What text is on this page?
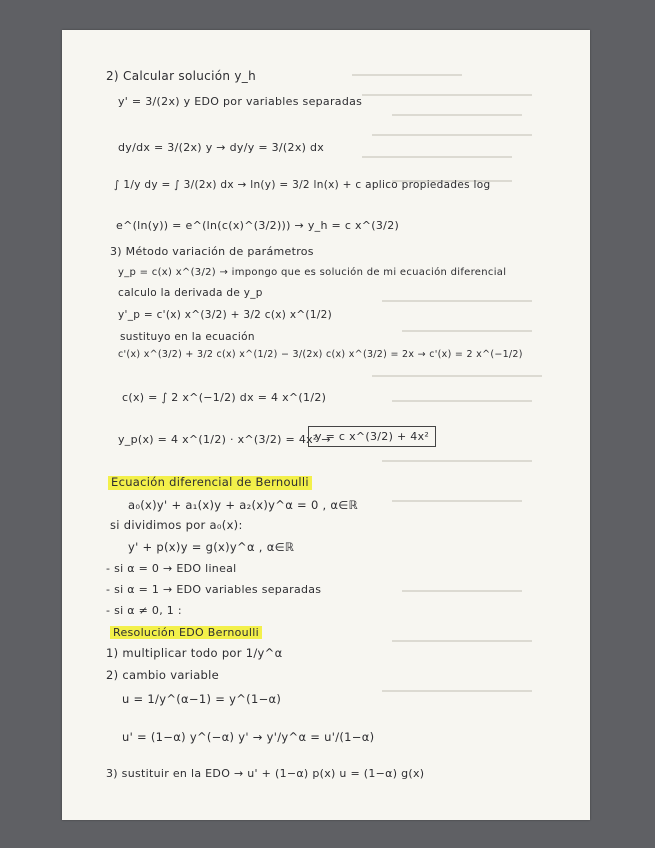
2) Calcular solución y_h
y' = 3/(2x) y EDO por variables separadas
dy/dx = 3/(2x) y → dy/y = 3/(2x) dx
∫ 1/y dy = ∫ 3/(2x) dx → ln(y) = 3/2 ln(x) + c aplico propiedades log
e^(ln(y)) = e^(ln(c(x)^(3/2))) → y_h = c x^(3/2)
3) Método variación de parámetros
y_p = c(x) x^(3/2) → impongo que es solución de mi ecuación diferencial
calculo la derivada de y_p
y'_p = c'(x) x^(3/2) + 3/2 c(x) x^(1/2)
sustituyo en la ecuación
c'(x) x^(3/2) + 3/2 c(x) x^(1/2) − 3/(2x) c(x) x^(3/2) = 2x → c'(x) = 2 x^(−1/2)
c(x) = ∫ 2 x^(−1/2) dx = 4 x^(1/2)
y_p(x) = 4 x^(1/2) · x^(3/2) = 4x² →
y = c x^(3/2) + 4x²
Ecuación diferencial de Bernoulli
a₀(x)y' + a₁(x)y + a₂(x)y^α = 0 , α∈ℝ
si dividimos por a₀(x):
y' + p(x)y = g(x)y^α , α∈ℝ
- si α = 0 → EDO lineal
- si α = 1 → EDO variables separadas
- si α ≠ 0, 1 :
Resolución EDO Bernoulli
1) multiplicar todo por 1/y^α
2) cambio variable
u = 1/y^(α−1) = y^(1−α)
u' = (1−α) y^(−α) y' → y'/y^α = u'/(1−α)
3) sustituir en la EDO → u' + (1−α) p(x) u = (1−α) g(x)
